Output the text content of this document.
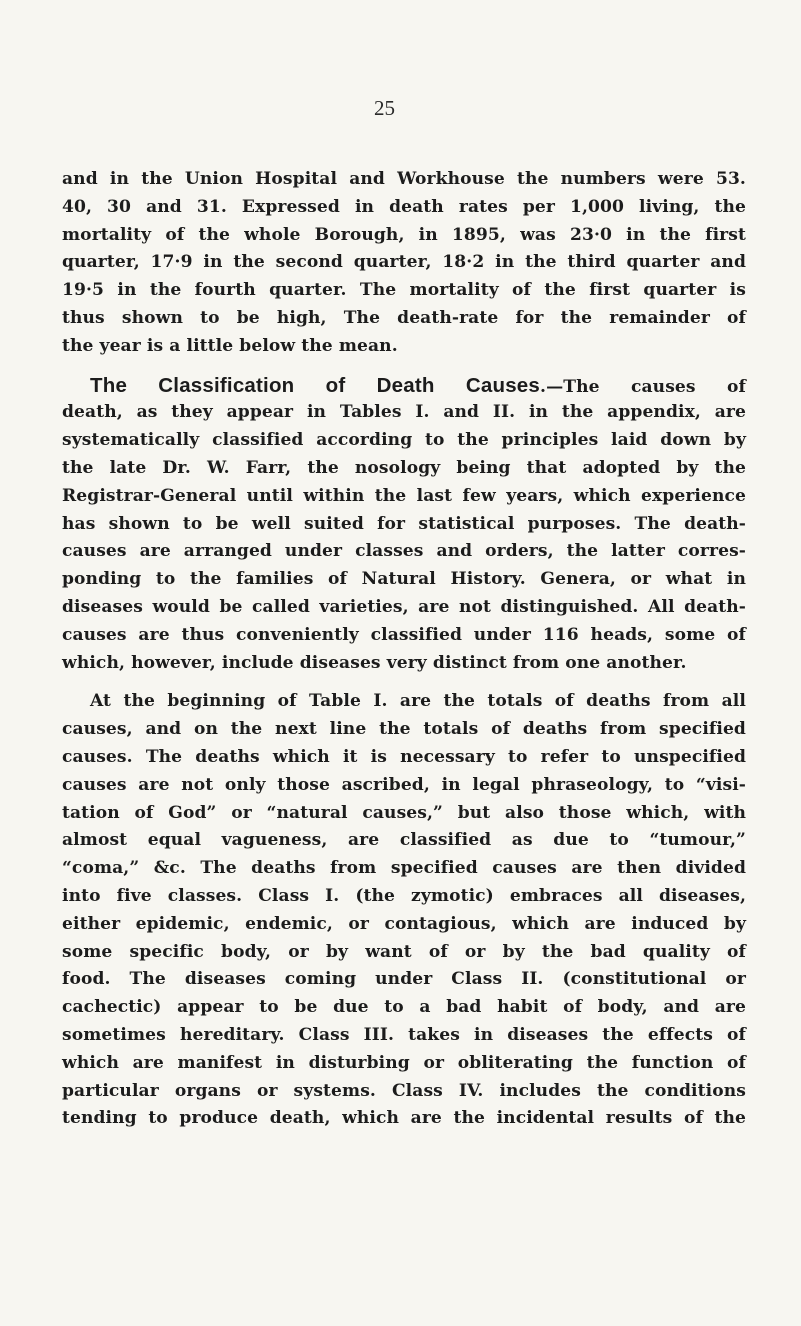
25
and in the Union Hospital and Workhouse the numbers were 53.
40, 30 and 31. Expressed in death rates per 1,000 living, the
mortality of the whole Borough, in 1895, was 23·0 in the first
quarter, 17·9 in the second quarter, 18·2 in the third quarter and
19·5 in the fourth quarter. The mortality of the first quarter is
thus shown to be high, The death-rate for the remainder of
the year is a little below the mean.
The Classification of Death Causes.—The causes of
death, as they appear in Tables I. and II. in the appendix, are
systematically classified according to the principles laid down by
the late Dr. W. Farr, the nosology being that adopted by the
Registrar-General until within the last few years, which experience
has shown to be well suited for statistical purposes. The death-
causes are arranged under classes and orders, the latter corres-
ponding to the families of Natural History. Genera, or what in
diseases would be called varieties, are not distinguished. All death-
causes are thus conveniently classified under 116 heads, some of
which, however, include diseases very distinct from one another.
At the beginning of Table I. are the totals of deaths from all
causes, and on the next line the totals of deaths from specified
causes. The deaths which it is necessary to refer to unspecified
causes are not only those ascribed, in legal phraseology, to “visi-
tation of God” or “natural causes,” but also those which, with
almost equal vagueness, are classified as due to “tumour,”
“coma,” &c. The deaths from specified causes are then divided
into five classes. Class I. (the zymotic) embraces all diseases,
either epidemic, endemic, or contagious, which are induced by
some specific body, or by want of or by the bad quality of
food. The diseases coming under Class II. (constitutional or
cachectic) appear to be due to a bad habit of body, and are
sometimes hereditary. Class III. takes in diseases the effects of
which are manifest in disturbing or obliterating the function of
particular organs or systems. Class IV. includes the conditions
tending to produce death, which are the incidental results of the
